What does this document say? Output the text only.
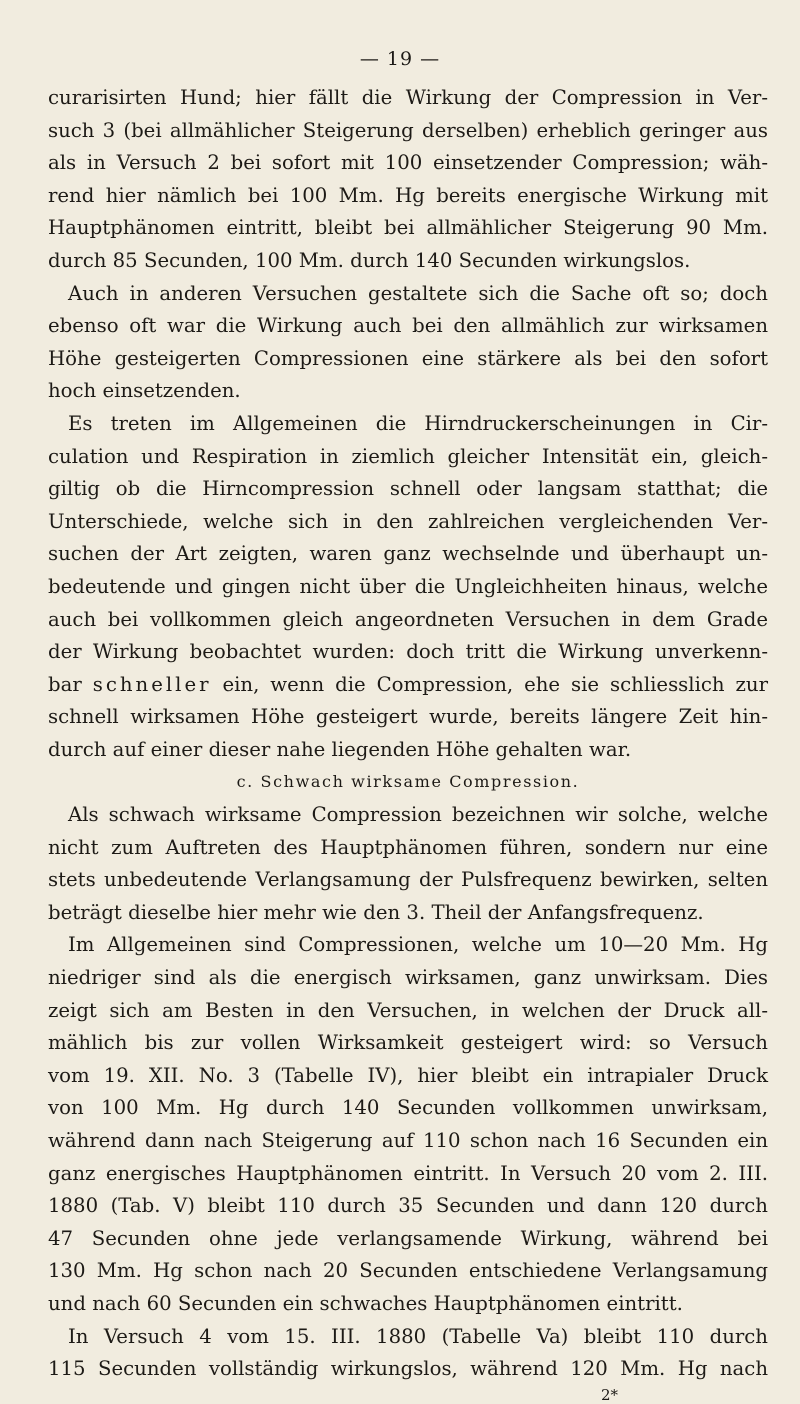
— 19 —
curarisirten Hund; hier fällt die Wirkung der Compression in Ver-
such 3 (bei allmählicher Steigerung derselben) erheblich geringer aus
als in Versuch 2 bei sofort mit 100 einsetzender Compression; wäh-
rend hier nämlich bei 100 Mm. Hg bereits energische Wirkung mit
Hauptphänomen eintritt, bleibt bei allmählicher Steigerung 90 Mm.
durch 85 Secunden, 100 Mm. durch 140 Secunden wirkungslos.
Auch in anderen Versuchen gestaltete sich die Sache oft so; doch
ebenso oft war die Wirkung auch bei den allmählich zur wirksamen
Höhe gesteigerten Compressionen eine stärkere als bei den sofort
hoch einsetzenden.
Es treten im Allgemeinen die Hirndruckerscheinungen in Cir-
culation und Respiration in ziemlich gleicher Intensität ein, gleich-
giltig ob die Hirncompression schnell oder langsam statthat; die
Unterschiede, welche sich in den zahlreichen vergleichenden Ver-
suchen der Art zeigten, waren ganz wechselnde und überhaupt un-
bedeutende und gingen nicht über die Ungleichheiten hinaus, welche
auch bei vollkommen gleich angeordneten Versuchen in dem Grade
der Wirkung beobachtet wurden: doch tritt die Wirkung unverkenn-
bar schneller ein, wenn die Compression, ehe sie schliesslich zur
schnell wirksamen Höhe gesteigert wurde, bereits längere Zeit hin-
durch auf einer dieser nahe liegenden Höhe gehalten war.
c. Schwach wirksame Compression.
Als schwach wirksame Compression bezeichnen wir solche, welche
nicht zum Auftreten des Hauptphänomen führen, sondern nur eine
stets unbedeutende Verlangsamung der Pulsfrequenz bewirken, selten
beträgt dieselbe hier mehr wie den 3. Theil der Anfangsfrequenz.
Im Allgemeinen sind Compressionen, welche um 10—20 Mm. Hg
niedriger sind als die energisch wirksamen, ganz unwirksam. Dies
zeigt sich am Besten in den Versuchen, in welchen der Druck all-
mählich bis zur vollen Wirksamkeit gesteigert wird: so Versuch
vom 19. XII. No. 3 (Tabelle IV), hier bleibt ein intrapialer Druck
von 100 Mm. Hg durch 140 Secunden vollkommen unwirksam,
während dann nach Steigerung auf 110 schon nach 16 Secunden ein
ganz energisches Hauptphänomen eintritt. In Versuch 20 vom 2. III.
1880 (Tab. V) bleibt 110 durch 35 Secunden und dann 120 durch
47 Secunden ohne jede verlangsamende Wirkung, während bei
130 Mm. Hg schon nach 20 Secunden entschiedene Verlangsamung
und nach 60 Secunden ein schwaches Hauptphänomen eintritt.
In Versuch 4 vom 15. III. 1880 (Tabelle Va) bleibt 110 durch
115 Secunden vollständig wirkungslos, während 120 Mm. Hg nach
2*
